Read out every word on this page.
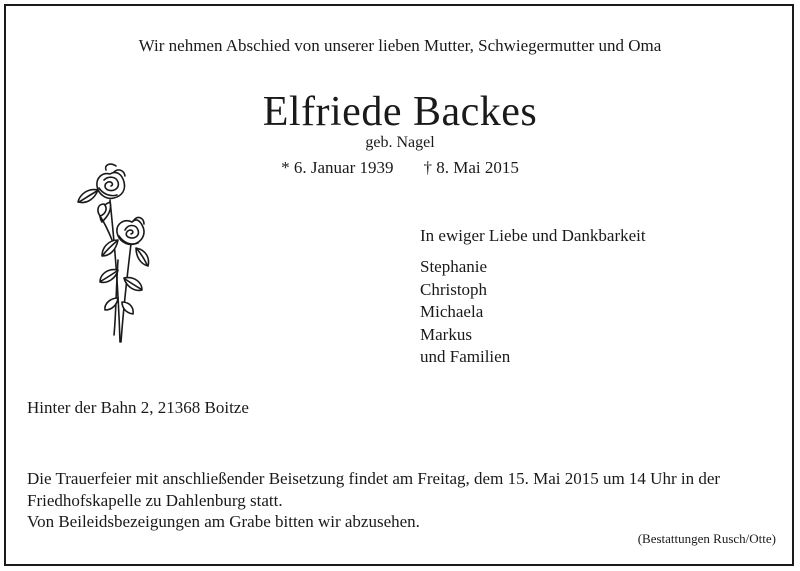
Wir nehmen Abschied von unserer lieben Mutter, Schwiegermutter und Oma
Elfriede Backes
geb. Nagel
* 6. Januar 1939 † 8. Mai 2015
In ewiger Liebe und Dankbarkeit
Stephanie
Christoph
Michaela
Markus
und Familien
Hinter der Bahn 2, 21368 Boitze
Die Trauerfeier mit anschließender Beisetzung findet am Freitag, dem 15. Mai 2015 um 14 Uhr in der Friedhofskapelle zu Dahlenburg statt.
Von Beileidsbezeigungen am Grabe bitten wir abzusehen.
(Bestattungen Rusch/Otte)
